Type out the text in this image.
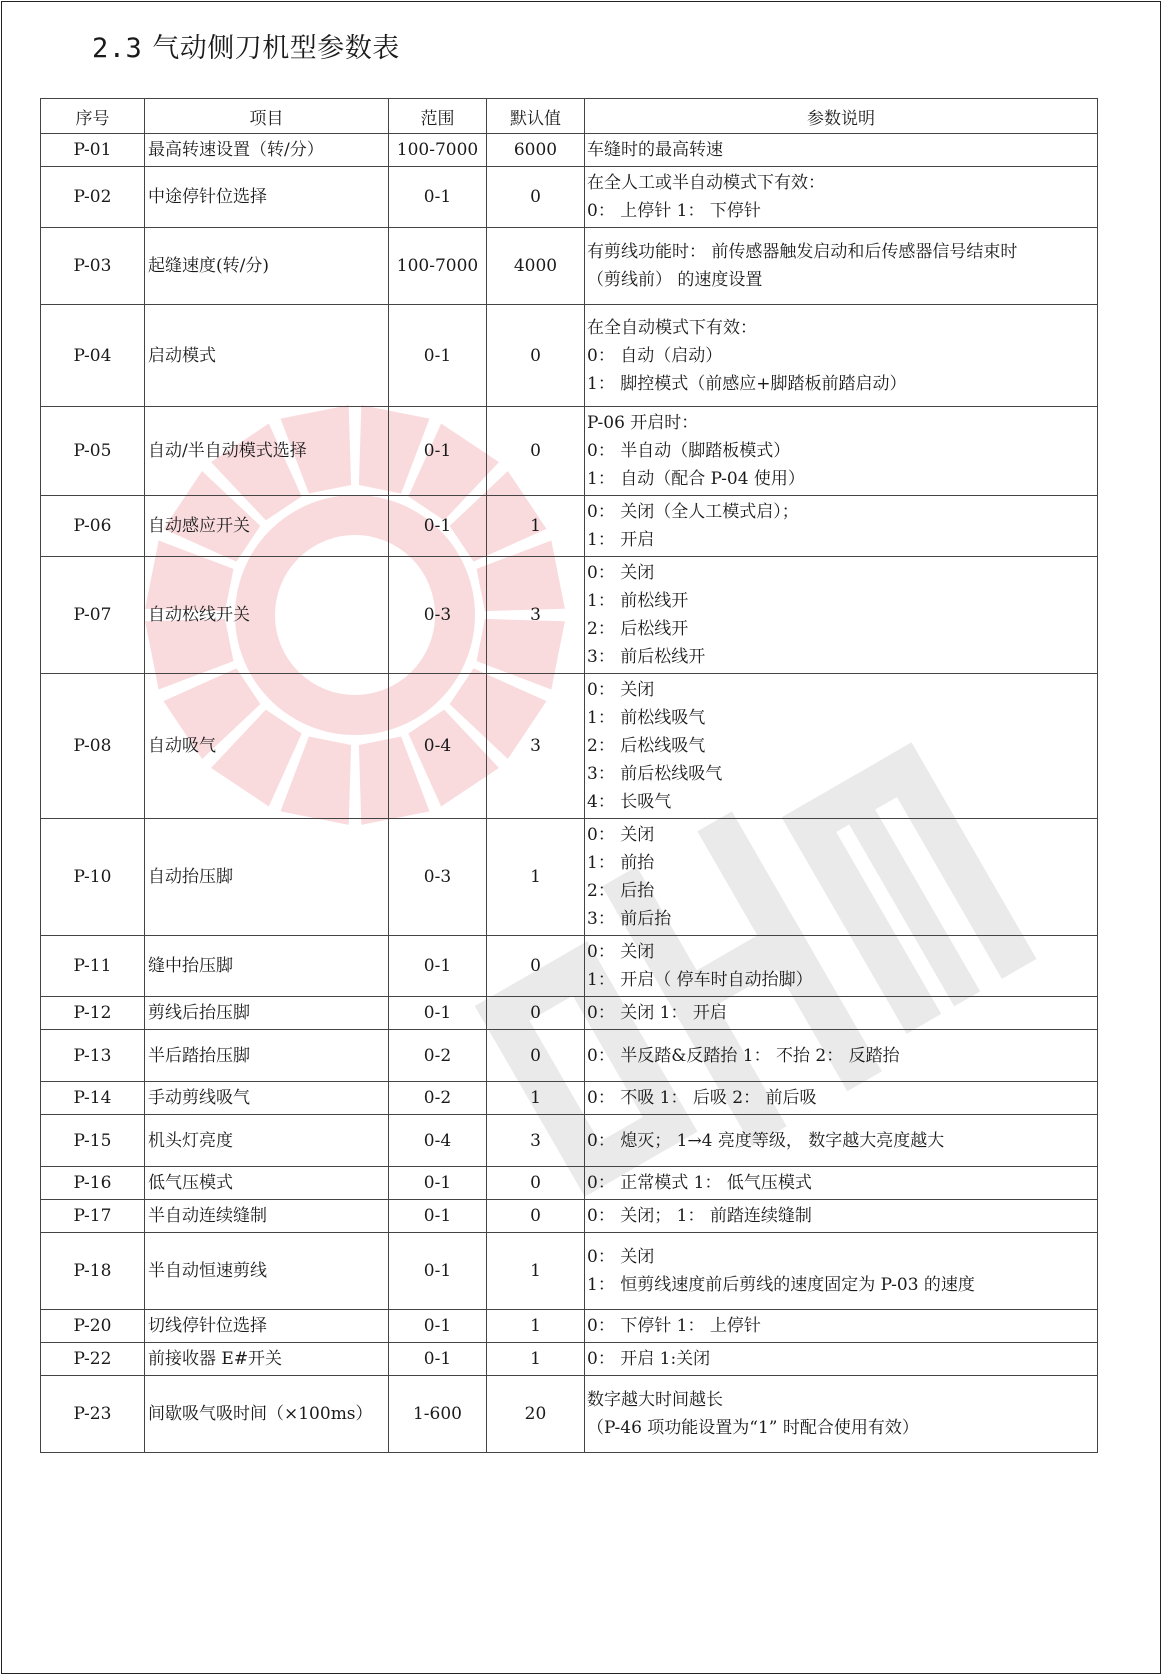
2.3 气动侧刀机型参数表
序号	项目	范围	默认值	参数说明
P-01	最高转速设置（转/分）	100-7000	6000	车缝时的最高转速
P-02	中途停针位选择	0-1	0	在全人工或半自动模式下有效：
0： 上停针 1： 下停针
P-03	起缝速度(转/分)	100-7000	4000	有剪线功能时： 前传感器触发启动和后传感器信号结束时
（剪线前） 的速度设置
P-04	启动模式	0-1	0	在全自动模式下有效：
0： 自动（启动）
1： 脚控模式（前感应+脚踏板前踏启动）
P-05	自动/半自动模式选择	0-1	0	P-06 开启时：
0： 半自动（脚踏板模式）
1： 自动（配合 P-04 使用）
P-06	自动感应开关	0-1	1	0： 关闭（全人工模式启）；
1： 开启
P-07	自动松线开关	0-3	3	0： 关闭
1： 前松线开
2： 后松线开
3： 前后松线开
P-08	自动吸气	0-4	3	0： 关闭
1： 前松线吸气
2： 后松线吸气
3： 前后松线吸气
4： 长吸气
P-10	自动抬压脚	0-3	1	0： 关闭
1： 前抬
2： 后抬
3： 前后抬
P-11	缝中抬压脚	0-1	0	0： 关闭
1： 开启（ 停车时自动抬脚）
P-12	剪线后抬压脚	0-1	0	0： 关闭 1： 开启
P-13	半后踏抬压脚	0-2	0	0： 半反踏&反踏抬 1： 不抬 2： 反踏抬
P-14	手动剪线吸气	0-2	1	0： 不吸 1： 后吸 2： 前后吸
P-15	机头灯亮度	0-4	3	0： 熄灭； 1→4 亮度等级， 数字越大亮度越大
P-16	低气压模式	0-1	0	0： 正常模式 1： 低气压模式
P-17	半自动连续缝制	0-1	0	0： 关闭； 1： 前踏连续缝制
P-18	半自动恒速剪线	0-1	1	0： 关闭
1： 恒剪线速度前后剪线的速度固定为 P-03 的速度
P-20	切线停针位选择	0-1	1	0： 下停针 1： 上停针
P-22	前接收器 E#开关	0-1	1	0： 开启 1:关闭
P-23	间歇吸气吸时间（×100ms）	1-600	20	数字越大时间越长
（P-46 项功能设置为“1” 时配合使用有效）
